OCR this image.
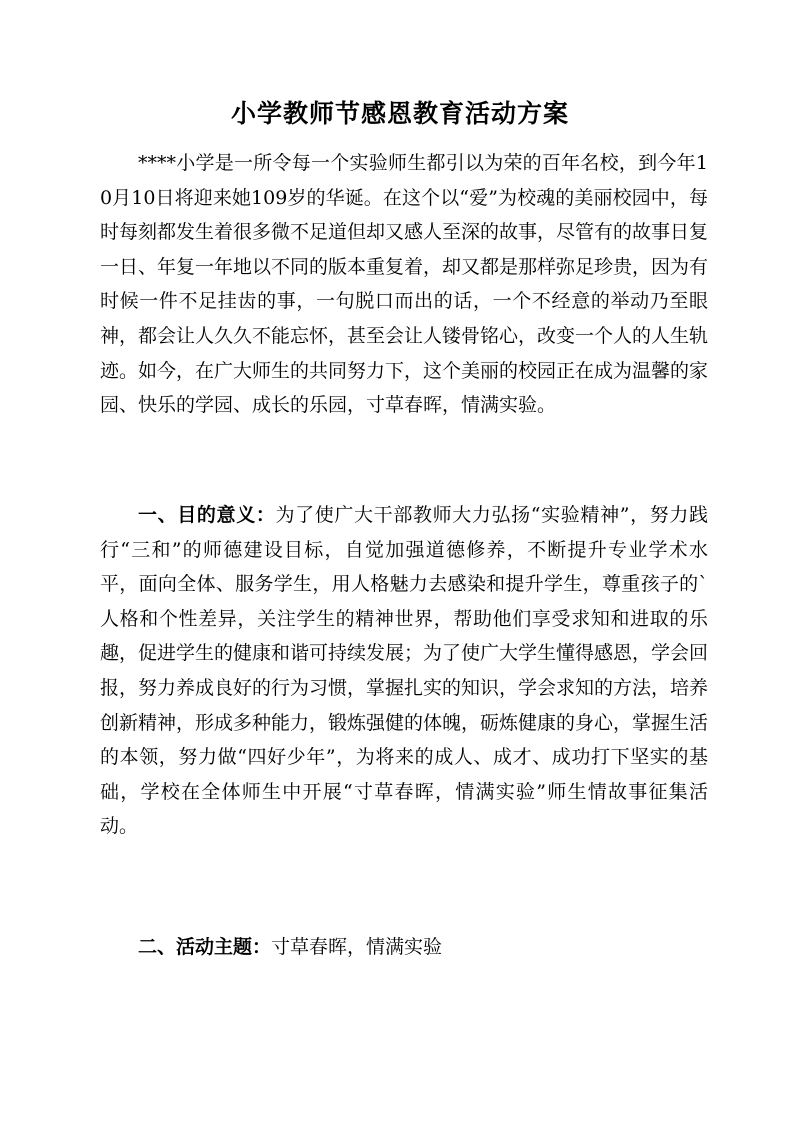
小学教师节感恩教育活动方案

****小学是一所令每一个实验师生都引以为荣的百年名校，到今年10月10日将迎来她109岁的华诞。在这个以“爱”为校魂的美丽校园中，每时每刻都发生着很多微不足道但却又感人至深的故事，尽管有的故事日复一日、年复一年地以不同的版本重复着，却又都是那样弥足珍贵，因为有时候一件不足挂齿的事，一句脱口而出的话，一个不经意的举动乃至眼神，都会让人久久不能忘怀，甚至会让人镂骨铭心，改变一个人的人生轨迹。如今，在广大师生的共同努力下，这个美丽的校园正在成为温馨的家园、快乐的学园、成长的乐园，寸草春晖，情满实验。

一、目的意义：为了使广大干部教师大力弘扬“实验精神”，努力践行“三和”的师德建设目标，自觉加强道德修养，不断提升专业学术水平，面向全体、服务学生，用人格魅力去感染和提升学生，尊重孩子的`人格和个性差异，关注学生的精神世界，帮助他们享受求知和进取的乐趣，促进学生的健康和谐可持续发展；为了使广大学生懂得感恩，学会回报，努力养成良好的行为习惯，掌握扎实的知识，学会求知的方法，培养创新精神，形成多种能力，锻炼强健的体魄，砺炼健康的身心，掌握生活的本领，努力做“四好少年”，为将来的成人、成才、成功打下坚实的基础，学校在全体师生中开展“寸草春晖，情满实验”师生情故事征集活动。

二、活动主题：寸草春晖，情满实验
